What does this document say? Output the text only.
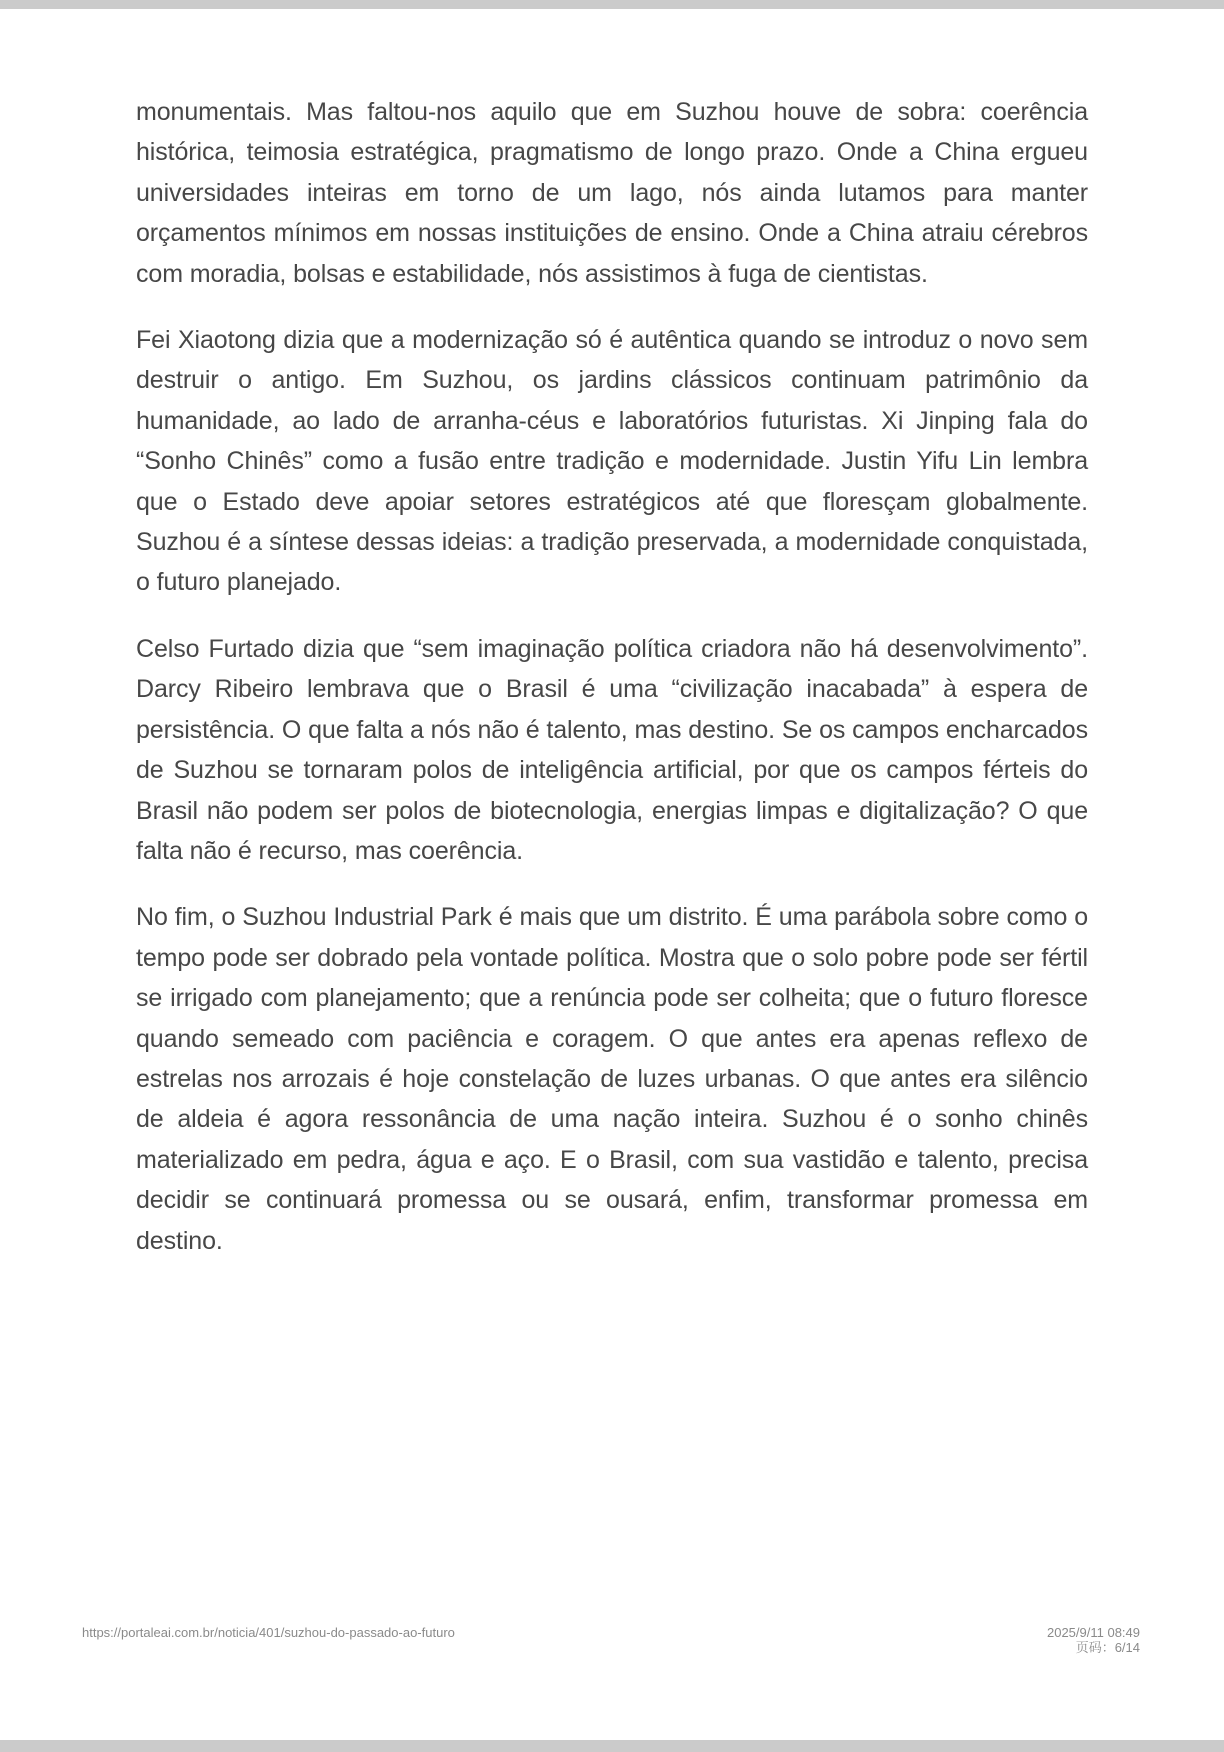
monumentais. Mas faltou-nos aquilo que em Suzhou houve de sobra: coerência histórica, teimosia estratégica, pragmatismo de longo prazo. Onde a China ergueu universidades inteiras em torno de um lago, nós ainda lutamos para manter orçamentos mínimos em nossas instituições de ensino. Onde a China atraiu cérebros com moradia, bolsas e estabilidade, nós assistimos à fuga de cientistas.

Fei Xiaotong dizia que a modernização só é autêntica quando se introduz o novo sem destruir o antigo. Em Suzhou, os jardins clássicos continuam patrimônio da humanidade, ao lado de arranha-céus e laboratórios futuristas. Xi Jinping fala do “Sonho Chinês” como a fusão entre tradição e modernidade. Justin Yifu Lin lembra que o Estado deve apoiar setores estratégicos até que floresçam globalmente. Suzhou é a síntese dessas ideias: a tradição preservada, a modernidade conquistada, o futuro planejado.

Celso Furtado dizia que “sem imaginação política criadora não há desenvolvimento”. Darcy Ribeiro lembrava que o Brasil é uma “civilização inacabada” à espera de persistência. O que falta a nós não é talento, mas destino. Se os campos encharcados de Suzhou se tornaram polos de inteligência artificial, por que os campos férteis do Brasil não podem ser polos de biotecnologia, energias limpas e digitalização? O que falta não é recurso, mas coerência.

No fim, o Suzhou Industrial Park é mais que um distrito. É uma parábola sobre como o tempo pode ser dobrado pela vontade política. Mostra que o solo pobre pode ser fértil se irrigado com planejamento; que a renúncia pode ser colheita; que o futuro floresce quando semeado com paciência e coragem. O que antes era apenas reflexo de estrelas nos arrozais é hoje constelação de luzes urbanas. O que antes era silêncio de aldeia é agora ressonância de uma nação inteira. Suzhou é o sonho chinês materializado em pedra, água e aço. E o Brasil, com sua vastidão e talento, precisa decidir se continuará promessa ou se ousará, enfim, transformar promessa em destino.

https://portaleai.com.br/noticia/401/suzhou-do-passado-ao-futuro	2025/9/11 08:49
页码：6/14
